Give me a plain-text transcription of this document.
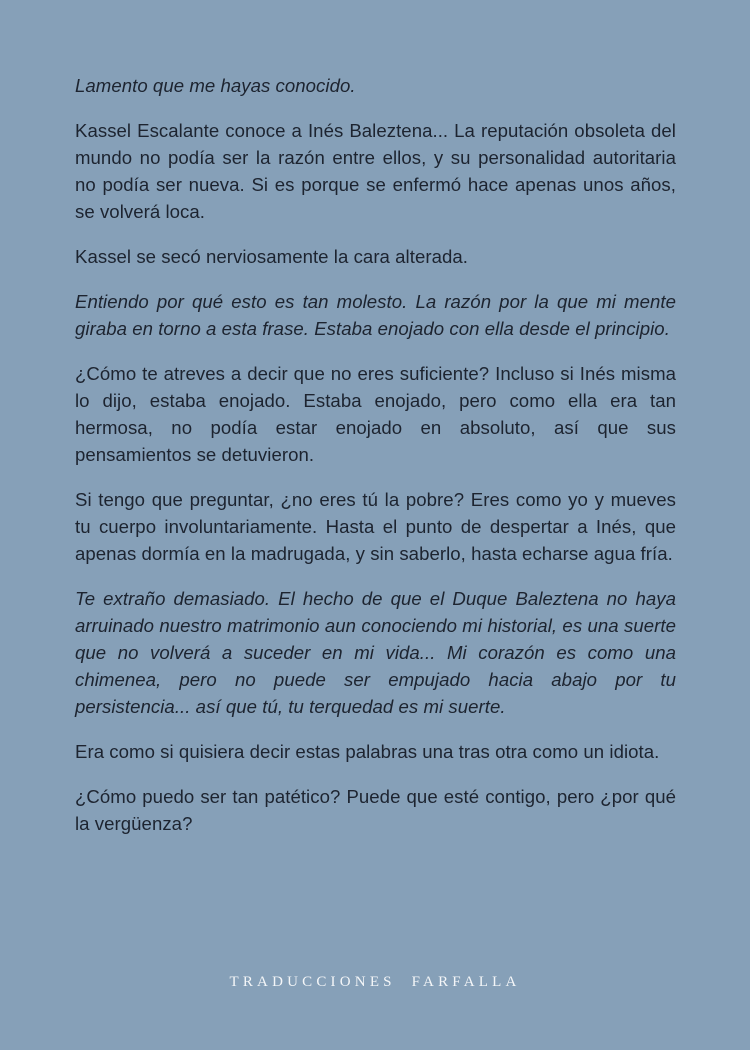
Lamento que me hayas conocido.

Kassel Escalante conoce a Inés Baleztena... La reputación obsoleta del mundo no podía ser la razón entre ellos, y su personalidad autoritaria no podía ser nueva. Si es porque se enfermó hace apenas unos años, se volverá loca.

Kassel se secó nerviosamente la cara alterada.

Entiendo por qué esto es tan molesto. La razón por la que mi mente giraba en torno a esta frase. Estaba enojado con ella desde el principio.

¿Cómo te atreves a decir que no eres suficiente? Incluso si Inés misma lo dijo, estaba enojado. Estaba enojado, pero como ella era tan hermosa, no podía estar enojado en absoluto, así que sus pensamientos se detuvieron.

Si tengo que preguntar, ¿no eres tú la pobre? Eres como yo y mueves tu cuerpo involuntariamente. Hasta el punto de despertar a Inés, que apenas dormía en la madrugada, y sin saberlo, hasta echarse agua fría.

Te extraño demasiado. El hecho de que el Duque Baleztena no haya arruinado nuestro matrimonio aun conociendo mi historial, es una suerte que no volverá a suceder en mi vida... Mi corazón es como una chimenea, pero no puede ser empujado hacia abajo por tu persistencia... así que tú, tu terquedad es mi suerte.

Era como si quisiera decir estas palabras una tras otra como un idiota.

¿Cómo puedo ser tan patético? Puede que esté contigo, pero ¿por qué la vergüenza?

TRADUCCIONES  FARFALLA
